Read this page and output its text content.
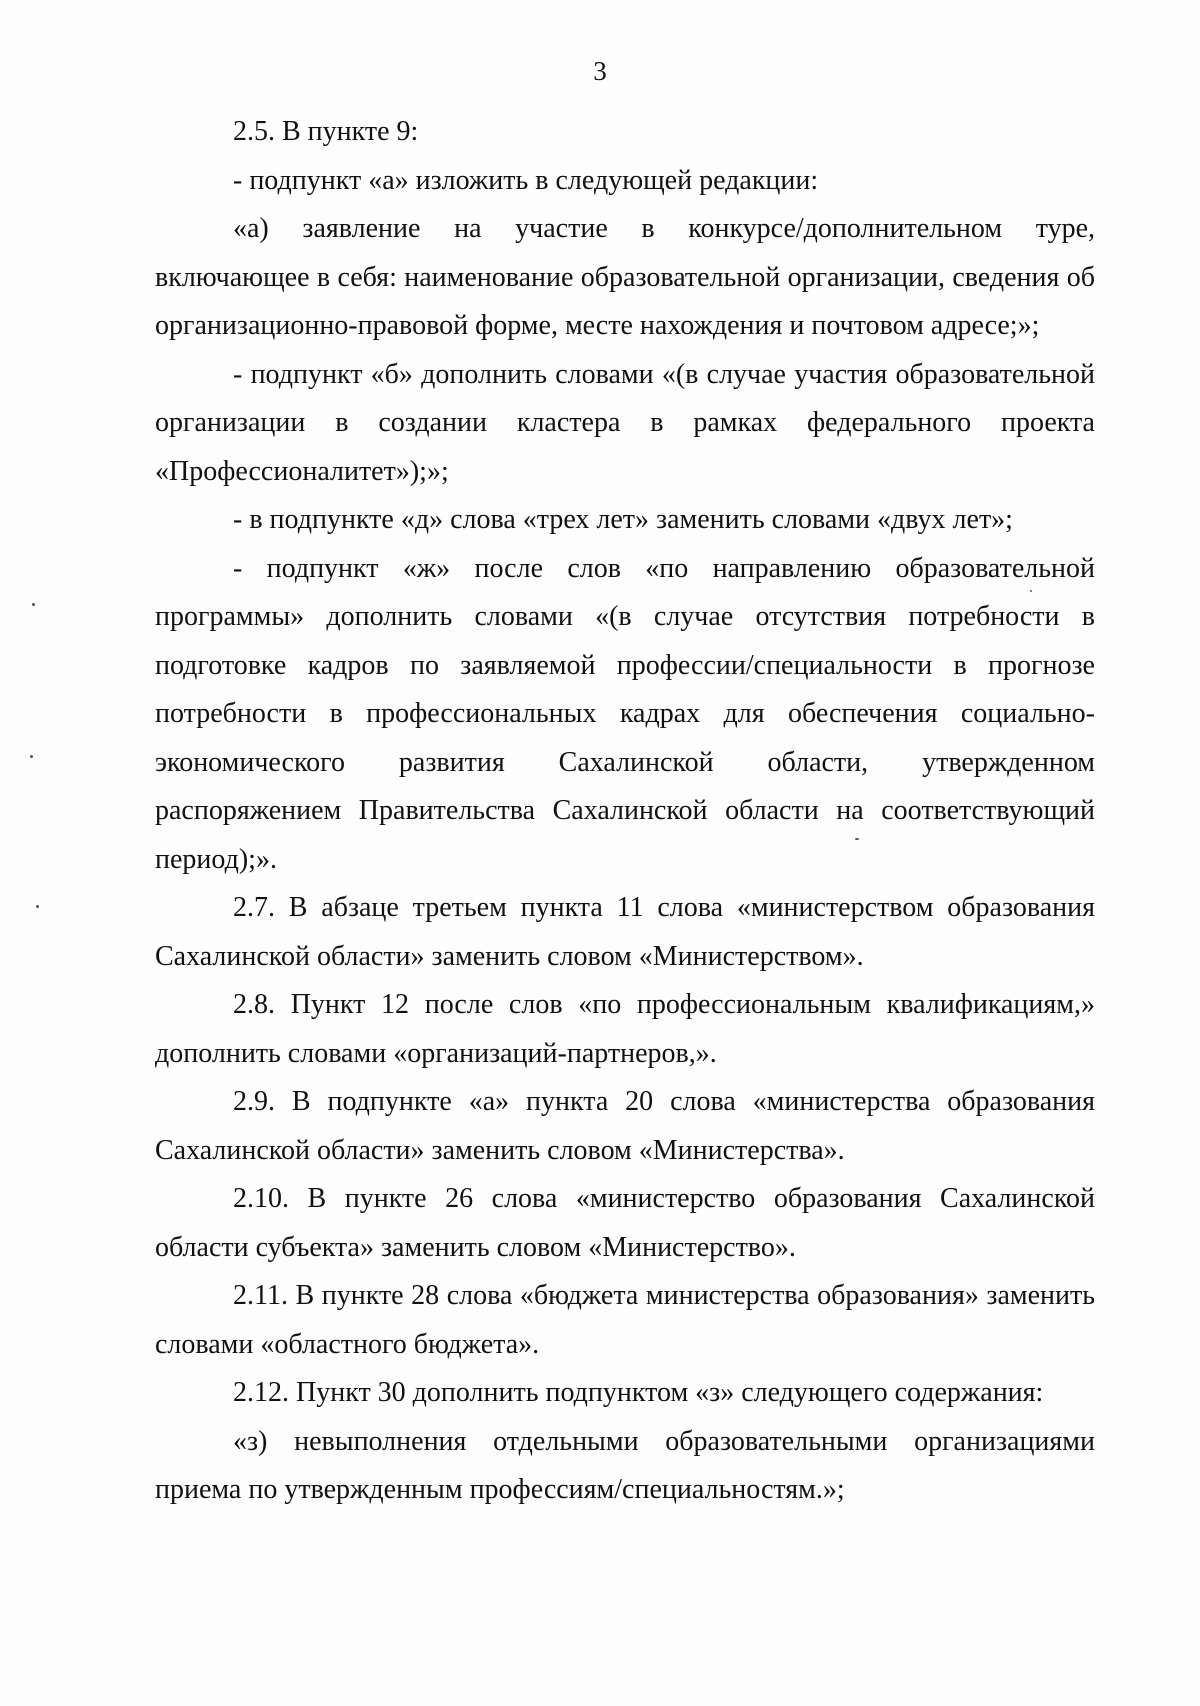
3

2.5. В пункте 9:

- подпункт «а» изложить в следующей редакции:

«а) заявление на участие в конкурсе/дополнительном туре, включающее в себя: наименование образовательной организации, сведения об организационно-правовой форме, месте нахождения и почтовом адресе;»;

- подпункт «б» дополнить словами «(в случае участия образовательной организации в создании кластера в рамках федерального проекта «Профессионалитет»);»;

- в подпункте «д» слова «трех лет» заменить словами «двух лет»;

- подпункт «ж» после слов «по направлению образовательной программы» дополнить словами «(в случае отсутствия потребности в подготовке кадров по заявляемой профессии/специальности в прогнозе потребности в профессиональных кадрах для обеспечения социально-экономического развития Сахалинской области, утвержденном распоряжением Правительства Сахалинской области на соответствующий период);».

2.7. В абзаце третьем пункта 11 слова «министерством образования Сахалинской области» заменить словом «Министерством».

2.8. Пункт 12 после слов «по профессиональным квалификациям,» дополнить словами «организаций-партнеров,».

2.9. В подпункте «а» пункта 20 слова «министерства образования Сахалинской области» заменить словом «Министерства».

2.10. В пункте 26 слова «министерство образования Сахалинской области субъекта» заменить словом «Министерство».

2.11. В пункте 28 слова «бюджета министерства образования» заменить словами «областного бюджета».

2.12. Пункт 30 дополнить подпунктом «з» следующего содержания:

«з) невыполнения отдельными образовательными организациями приема по утвержденным профессиям/специальностям.»;
